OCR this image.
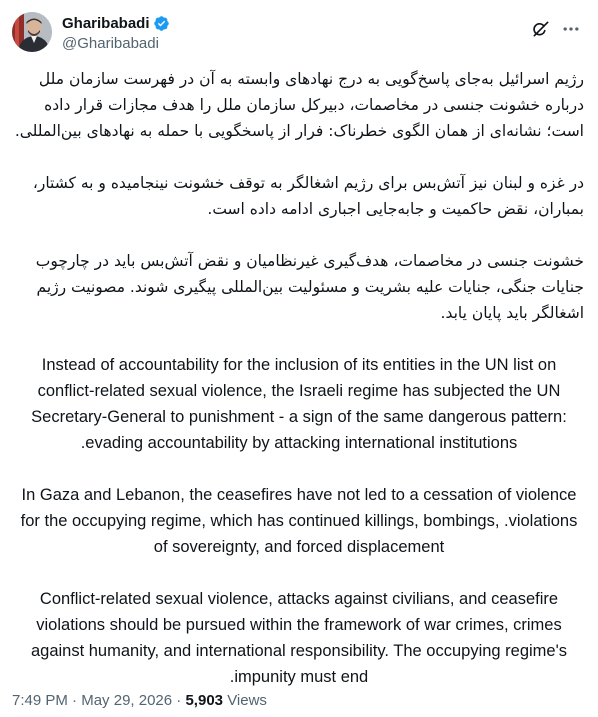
Gharibabadi
@Gharibabadi

رژیم اسرائیل به‌جای پاسخ‌گویی به درج نهادهای وابسته به آن در فهرست سازمان ملل درباره خشونت جنسی در مخاصمات، دبیرکل سازمان ملل را هدف مجازات قرار داده است؛ نشانه‌ای از همان الگوی خطرناک: فرار از پاسخگویی با حمله به نهادهای بین‌المللی.

در غزه و لبنان نیز آتش‌بس برای رژیم اشغالگر به توقف خشونت نینجامیده و به کشتار، بمباران، نقض حاکمیت و جابه‌جایی اجباری ادامه داده است.

خشونت جنسی در مخاصمات، هدف‌گیری غیرنظامیان و نقض آتش‌بس باید در چارچوب جنایات جنگی، جنایات علیه بشریت و مسئولیت بین‌المللی پیگیری شوند. مصونیت رژیم اشغالگر باید پایان یابد.

Instead of accountability for the inclusion of its entities in the UN list on conflict-related sexual violence, the Israeli regime has subjected the UN Secretary-General to punishment - a sign of the same dangerous pattern: .evading accountability by attacking international institutions

In Gaza and Lebanon, the ceasefires have not led to a cessation of violence for the occupying regime, which has continued killings, bombings, .violations of sovereignty, and forced displacement

Conflict-related sexual violence, attacks against civilians, and ceasefire violations should be pursued within the framework of war crimes, crimes against humanity, and international responsibility. The occupying regime's .impunity must end

7:49 PM · May 29, 2026 · 5,903 Views
